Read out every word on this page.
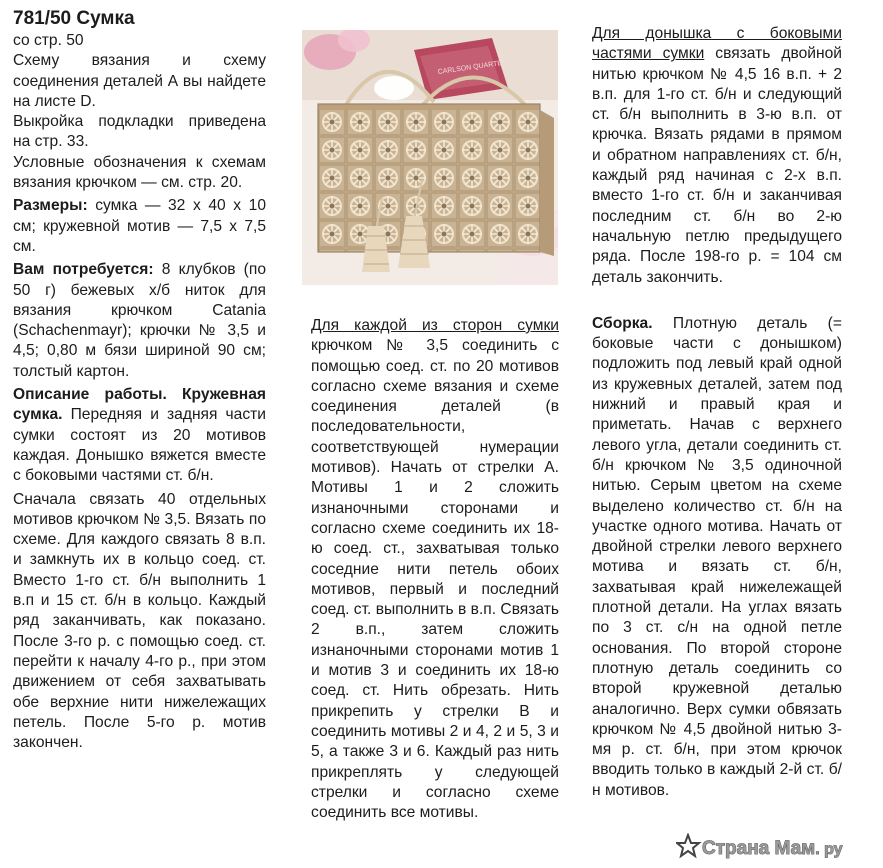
781/50 Сумка

со стр. 50

Схему вязания и схему соединения деталей А вы найдете на листе D.

Выкройка подкладки приведена на стр. 33.

Условные обозначения к схемам вязания крючком — см. стр. 20.

Размеры: сумка — 32 х 40 х 10 см; кружевной мотив — 7,5 х 7,5 см.

Вам потребуется: 8 клубков (по 50 г) бежевых х/б ниток для вязания крючком Catania (Schachenmayr); крючки № 3,5 и 4,5; 0,80 м бязи шириной 90 см; толстый картон.

Описание работы. Кружевная сумка. Передняя и задняя части сумки состоят из 20 мотивов каждая. Донышко вяжется вместе с боковыми частями ст. б/н.

Сначала связать 40 отдельных мотивов крючком № 3,5. Вязать по схеме. Для каждого связать 8 в.п. и замкнуть их в кольцо соед. ст. Вместо 1-го ст. б/н выполнить 1 в.п и 15 ст. б/н в кольцо. Каждый ряд заканчивать, как показано. После 3-го р. с помощью соед. ст. перейти к началу 4-го р., при этом движением от себя захватывать обе верхние нити нижележащих петель. После 5-го р. мотив закончен.

CARLSON QUARTERLY

Для каждой из сторон сумки крючком № 3,5 соединить с помощью соед. ст. по 20 мотивов согласно схеме вязания и схеме соединения деталей (в последовательности, соответствующей нумерации мотивов). Начать от стрелки А. Мотивы 1 и 2 сложить изнаночными сторонами и согласно схеме соединить их 18-ю соед. ст., захватывая только соседние нити петель обоих мотивов, первый и последний соед. ст. выполнить в в.п. Связать 2 в.п., затем сложить изнаночными сторонами мотив 1 и мотив 3 и соединить их 18-ю соед. ст. Нить обрезать. Нить прикрепить у стрелки В и соединить мотивы 2 и 4, 2 и 5, 3 и 5, а также 3 и 6. Каждый раз нить прикреплять у следующей стрелки и согласно схеме соединить все мотивы.

Для донышка с боковыми частями сумки связать двойной нитью крючком № 4,5 16 в.п. + 2 в.п. для 1-го ст. б/н и следующий ст. б/н выполнить в 3-ю в.п. от крючка. Вязать рядами в прямом и обратном направлениях ст. б/н, каждый ряд начиная с 2-х в.п. вместо 1-го ст. б/н и заканчивая последним ст. б/н во 2-ю начальную петлю предыдущего ряда. После 198-го р. = 104 см деталь закончить.

Сборка. Плотную деталь (= боковые части с донышком) подложить под левый край одной из кружевных деталей, затем под нижний и правый края и приметать. Начав с верхнего левого угла, детали соединить ст. б/н крючком № 3,5 одиночной нитью. Серым цветом на схеме выделено количество ст. б/н на участке одного мотива. Начать от двойной стрелки левого верхнего мотива и вязать ст. б/н, захватывая край нижележащей плотной детали. На углах вязать по 3 ст. с/н на одной петле основания. По второй стороне плотную деталь соединить со второй кружевной деталью аналогично. Верх сумки обвязать крючком № 4,5 двойной нитью 3-мя р. ст. б/н, при этом крючок вводить только в каждый 2-й ст. б/н мотивов.

Страна Мам. ру
